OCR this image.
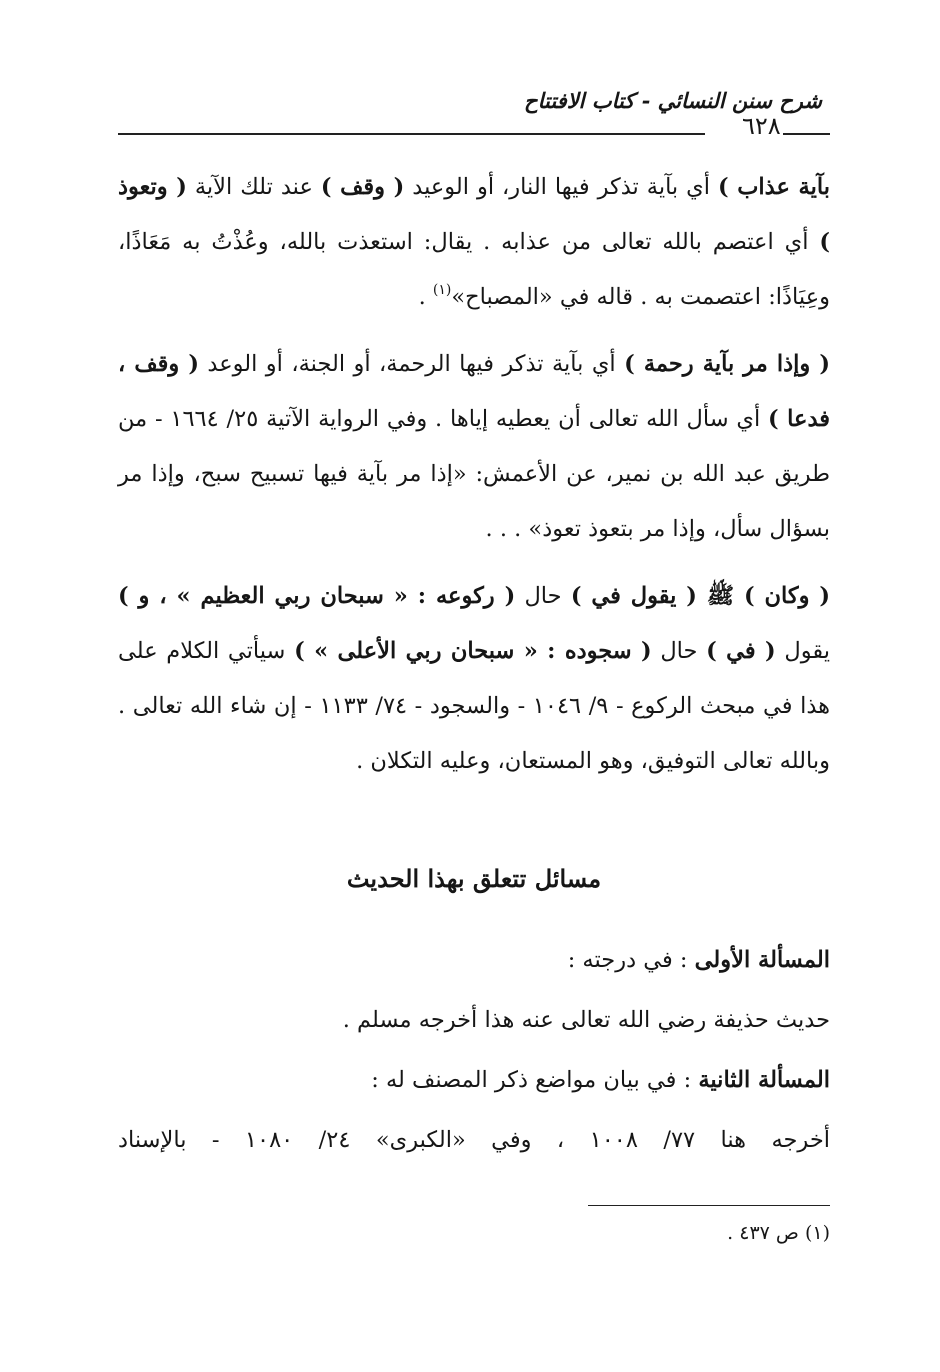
شرح سنن النسائي - كتاب الافتتاح
٦٢٨

بآية عذاب ) أي بآية تذكر فيها النار، أو الوعيد ( وقف ) عند تلك الآية ( وتعوذ ) أي اعتصم بالله تعالى من عذابه . يقال: استعذت بالله، وعُذْتُ به مَعَاذًا، وعِيَاذًا: اعتصمت به . قاله في «المصباح»$^{(١)}$ .

( وإذا مر بآية رحمة ) أي بآية تذكر فيها الرحمة، أو الجنة، أو الوعد ( وقف ، فدعا ) أي سأل الله تعالى أن يعطيه إياها . وفي الرواية الآتية ٢٥/ ١٦٦٤ - من طريق عبد الله بن نمير، عن الأعمش: «إذا مر بآية فيها تسبيح سبح، وإذا مر بسؤال سأل، وإذا مر بتعوذ تعوذ» . . .

( وكان ) ﷺ ( يقول في ) حال ( ركوعه : « سبحان ربي العظيم » ، و ) يقول ( في ) حال ( سجوده : « سبحان ربي الأعلى » ) سيأتي الكلام على هذا في مبحث الركوع - ٩/ ١٠٤٦ - والسجود - ٧٤/ ١١٣٣ - إن شاء الله تعالى . وبالله تعالى التوفيق، وهو المستعان، وعليه التكلان .

مسائل تتعلق بهذا الحديث
المسألة الأولى : في درجته :
حديث حذيفة رضي الله تعالى عنه هذا أخرجه مسلم .
المسألة الثانية : في بيان مواضع ذكر المصنف له :
أخرجه هنا ٧٧/ ١٠٠٨ ، وفي «الكبرى» ٢٤/ ١٠٨٠ - بالإسناد
(١) ص ٤٣٧ .
